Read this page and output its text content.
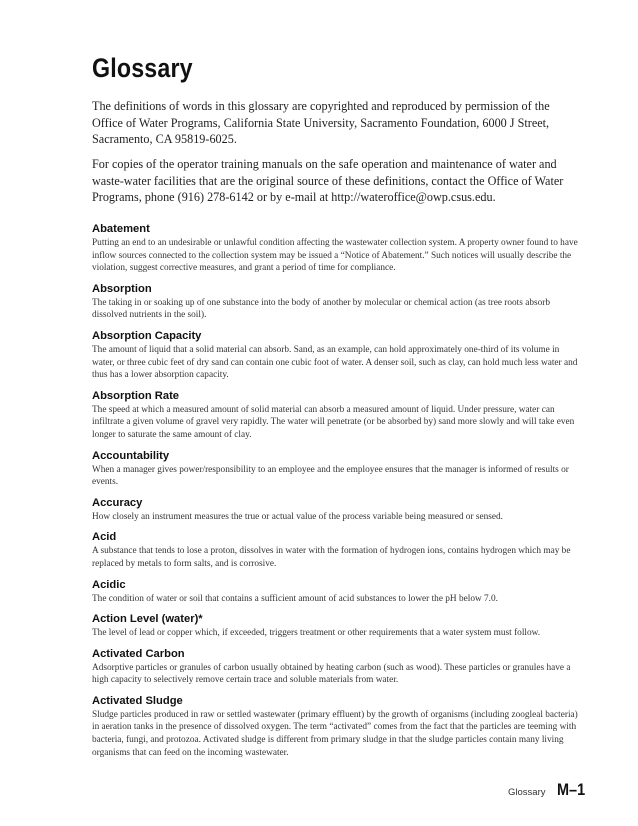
Glossary

The definitions of words in this glossary are copyrighted and reproduced by permission of the Office of Water Programs, California State University, Sacramento Foundation, 6000 J Street, Sacramento, CA 95819-6025.

For copies of the operator training manuals on the safe operation and maintenance of water and waste-water facilities that are the original source of these definitions, contact the Office of Water Programs, phone (916) 278-6142 or by e-mail at http://wateroffice@owp.csus.edu.

Abatement
Putting an end to an undesirable or unlawful condition affecting the wastewater collection system. A property owner found to have inflow sources connected to the collection system may be issued a “Notice of Abatement.” Such notices will usually describe the violation, suggest corrective measures, and grant a period of time for compliance.
Absorption
The taking in or soaking up of one substance into the body of another by molecular or chemical action (as tree roots absorb dissolved nutrients in the soil).
Absorption Capacity
The amount of liquid that a solid material can absorb. Sand, as an example, can hold approximately one-third of its volume in water, or three cubic feet of dry sand can contain one cubic foot of water. A denser soil, such as clay, can hold much less water and thus has a lower absorption capacity.
Absorption Rate
The speed at which a measured amount of solid material can absorb a measured amount of liquid. Under pressure, water can infiltrate a given volume of gravel very rapidly. The water will penetrate (or be absorbed by) sand more slowly and will take even longer to saturate the same amount of clay.
Accountability
When a manager gives power/responsibility to an employee and the employee ensures that the manager is informed of results or events.
Accuracy
How closely an instrument measures the true or actual value of the process variable being measured or sensed.
Acid
A substance that tends to lose a proton, dissolves in water with the formation of hydrogen ions, contains hydrogen which may be replaced by metals to form salts, and is corrosive.
Acidic
The condition of water or soil that contains a sufficient amount of acid substances to lower the pH below 7.0.
Action Level (water)*
The level of lead or copper which, if exceeded, triggers treatment or other requirements that a water system must follow.
Activated Carbon
Adsorptive particles or granules of carbon usually obtained by heating carbon (such as wood). These particles or granules have a high capacity to selectively remove certain trace and soluble materials from water.
Activated Sludge
Sludge particles produced in raw or settled wastewater (primary effluent) by the growth of organisms (including zoogleal bacteria) in aeration tanks in the presence of dissolved oxygen. The term “activated” comes from the fact that the particles are teeming with bacteria, fungi, and protozoa. Activated sludge is different from primary sludge in that the sludge particles contain many living organisms that can feed on the incoming wastewater.
Glossary M–1
